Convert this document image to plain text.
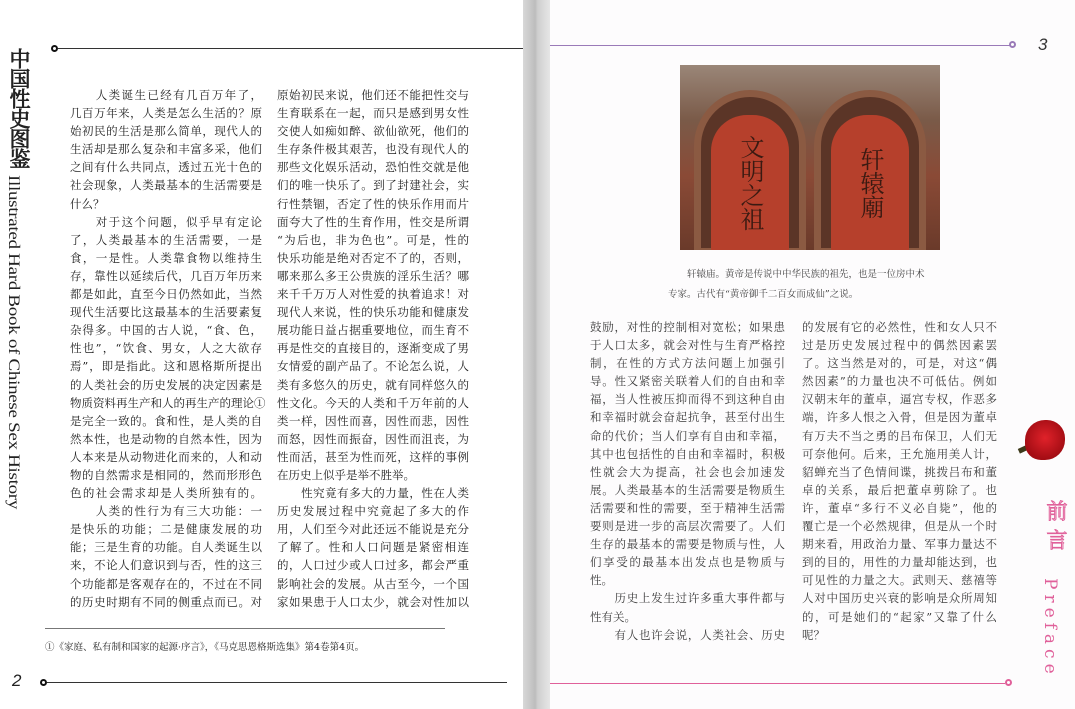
中国性史图鉴
Illustrated Hard Book of Chinese Sex History
　　人类诞生已经有几百万年了，
几百万年来，人类是怎么生活的？原
始初民的生活是那么简单，现代人的
生活却是那么复杂和丰富多采，他们
之间有什么共同点，透过五光十色的
社会现象，人类最基本的生活需要是
什么？
　　对于这个问题，似乎早有定论
了，人类最基本的生活需要，一是
食，一是性。人类靠食物以维持生
存，靠性以延续后代，几百万年历来
都是如此，直至今日仍然如此，当然
现代生活要比这最基本的生活要素复
杂得多。中国的古人说，“食、色，
性也”，“饮食、男女，人之大欲存
焉”，即是指此。这和恩格斯所提出
的人类社会的历史发展的决定因素是
物质资料再生产和人的再生产的理论①
是完全一致的。食和性，是人类的自
然本性，也是动物的自然本性，因为
人本来是从动物进化而来的，人和动
物的自然需求是相同的，然而形形色
色的社会需求却是人类所独有的。
　　人类的性行为有三大功能：一
是快乐的功能；二是健康发展的功
能；三是生育的功能。自人类诞生以
来，不论人们意识到与否，性的这三
个功能都是客观存在的，不过在不同
的历史时期有不同的侧重点而已。对
原始初民来说，他们还不能把性交与
生育联系在一起，而只是感到男女性
交使人如痴如醉、欲仙欲死，他们的
生存条件极其艰苦，也没有现代人的
那些文化娱乐活动，恐怕性交就是他
们的唯一快乐了。到了封建社会，实
行性禁锢，否定了性的快乐作用而片
面夸大了性的生育作用，性交是所谓
“为后也，非为色也”。可是，性的
快乐功能是绝对否定不了的，否则，
哪来那么多王公贵族的淫乐生活？哪
来千千万万人对性爱的执着追求！对
现代人来说，性的快乐功能和健康发
展功能日益占据重要地位，而生育不
再是性交的直接目的，逐渐变成了男
女情爱的副产品了。不论怎么说，人
类有多悠久的历史，就有同样悠久的
性文化。今天的人类和千万年前的人
类一样，因性而喜，因性而悲，因性
而怒，因性而振奋，因性而沮丧，为
性而活，甚至为性而死，这样的事例
在历史上似乎是举不胜举。
　　性究竟有多大的力量，性在人类
历史发展过程中究竟起了多大的作
用，人们至今对此还远不能说是充分
了解了。性和人口问题是紧密相连
的，人口过少或人口过多，都会严重
影响社会的发展。从古至今，一个国
家如果患于人口太少，就会对性加以
①《家庭、私有制和国家的起源·序言》，《马克思恩格斯选集》第4卷第4页。
2
3
文明之祖	轩辕廟
　　轩辕庙。黄帝是传说中中华民族的祖先，也是一位房中术
专家。古代有“黄帝御千二百女而成仙”之说。
鼓励，对性的控制相对宽松；如果患
于人口太多，就会对性与生育严格控
制，在性的方式方法问题上加强引
导。性又紧密关联着人们的自由和幸
福，当人性被压抑而得不到这种自由
和幸福时就会奋起抗争，甚至付出生
命的代价；当人们享有自由和幸福，
其中也包括性的自由和幸福时，积极
性就会大为提高，社会也会加速发
展。人类最基本的生活需要是物质生
活需要和性的需要，至于精神生活需
要则是进一步的高层次需要了。人们
生存的最基本的需要是物质与性，人
们享受的最基本出发点也是物质与
性。
　　历史上发生过许多重大事件都与
性有关。
　　有人也许会说，人类社会、历史
的发展有它的必然性，性和女人只不
过是历史发展过程中的偶然因素罢
了。这当然是对的，可是，对这“偶
然因素”的力量也决不可低估。例如
汉朝末年的董卓，逼宫专权，作恶多
端，许多人恨之入骨，但是因为董卓
有万夫不当之勇的吕布保卫，人们无
可奈他何。后来，王允施用美人计，
貂蝉充当了色情间谍，挑拨吕布和董
卓的关系，最后把董卓剪除了。也
许，董卓“多行不义必自毙”，他的
覆亡是一个必然规律，但是从一个时
期来看，用政治力量、军事力量达不
到的目的，用性的力量却能达到，也
可见性的力量之大。武则天、慈禧等
人对中国历史兴衰的影响是众所周知
的，可是她们的“起家”又靠了什么
呢？
前言
Preface
